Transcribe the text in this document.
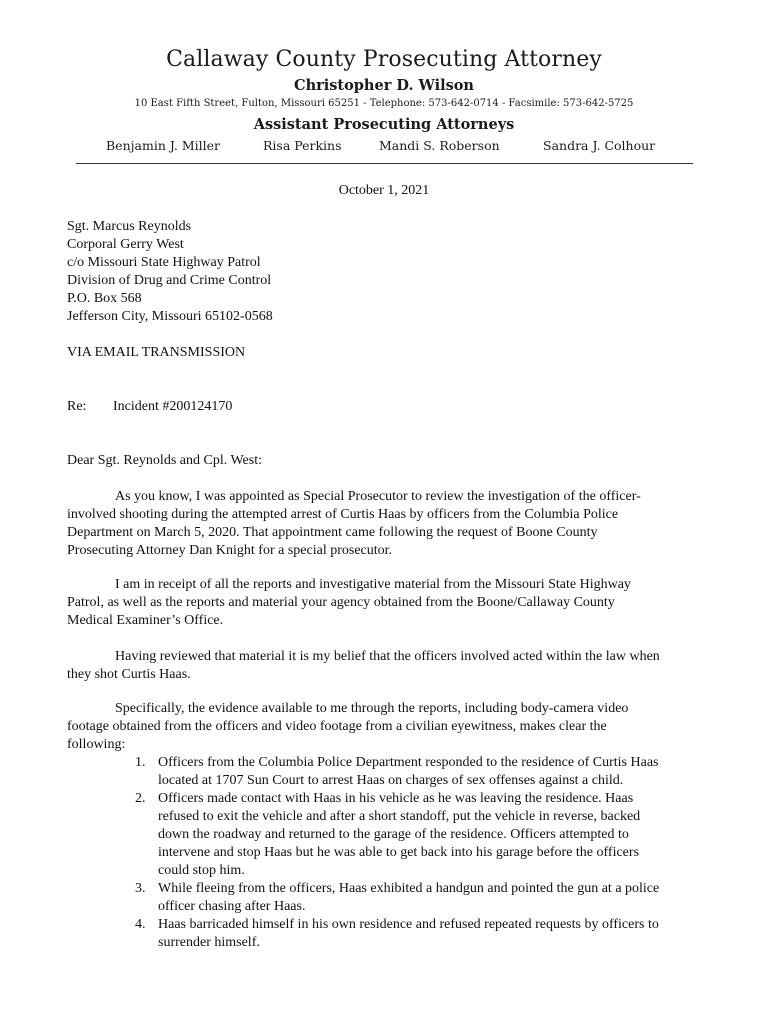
Callaway County Prosecuting Attorney
Christopher D. Wilson
10 East Fifth Street, Fulton, Missouri 65251 - Telephone: 573-642-0714 - Facsimile: 573-642-5725
Assistant Prosecuting Attorneys
Benjamin J. Miller	Risa Perkins	Mandi S. Roberson	Sandra J. Colhour
October 1, 2021
Sgt. Marcus Reynolds
Corporal Gerry West
c/o Missouri State Highway Patrol
Division of Drug and Crime Control
P.O. Box 568
Jefferson City, Missouri 65102-0568
VIA EMAIL TRANSMISSION
Re: Incident #200124170
Dear Sgt. Reynolds and Cpl. West:
As you know, I was appointed as Special Prosecutor to review the investigation of the officer-
involved shooting during the attempted arrest of Curtis Haas by officers from the Columbia Police
Department on March 5, 2020. That appointment came following the request of Boone County
Prosecuting Attorney Dan Knight for a special prosecutor.
I am in receipt of all the reports and investigative material from the Missouri State Highway
Patrol, as well as the reports and material your agency obtained from the Boone/Callaway County
Medical Examiner’s Office.
Having reviewed that material it is my belief that the officers involved acted within the law when
they shot Curtis Haas.
Specifically, the evidence available to me through the reports, including body-camera video
footage obtained from the officers and video footage from a civilian eyewitness, makes clear the
following:
1. Officers from the Columbia Police Department responded to the residence of Curtis Haas
located at 1707 Sun Court to arrest Haas on charges of sex offenses against a child.
2. Officers made contact with Haas in his vehicle as he was leaving the residence. Haas
refused to exit the vehicle and after a short standoff, put the vehicle in reverse, backed
down the roadway and returned to the garage of the residence. Officers attempted to
intervene and stop Haas but he was able to get back into his garage before the officers
could stop him.
3. While fleeing from the officers, Haas exhibited a handgun and pointed the gun at a police
officer chasing after Haas.
4. Haas barricaded himself in his own residence and refused repeated requests by officers to
surrender himself.
